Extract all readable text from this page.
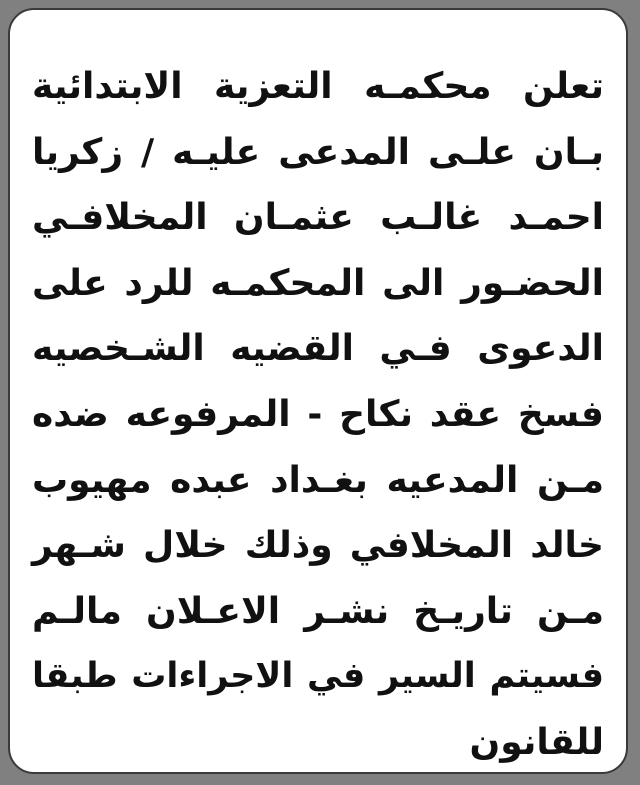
تعلن محكمـه التعزية الابتدائية
بـان علـى المدعى عليـه / زكريا
احمـد غالـب عثمـان المخلافـي
الحضـور الى المحكمـه للرد على
الدعوى فـي القضيه الشـخصيه
فسخ عقد نكاح - المرفوعه ضده
مـن المدعيه بغـداد عبده مهيوب
خالد المخلافي وذلك خلال شـهر
مـن تاريـخ نشـر الاعـلان مالـم
فسيتم السير في الاجراءات طبقا
للقانون
